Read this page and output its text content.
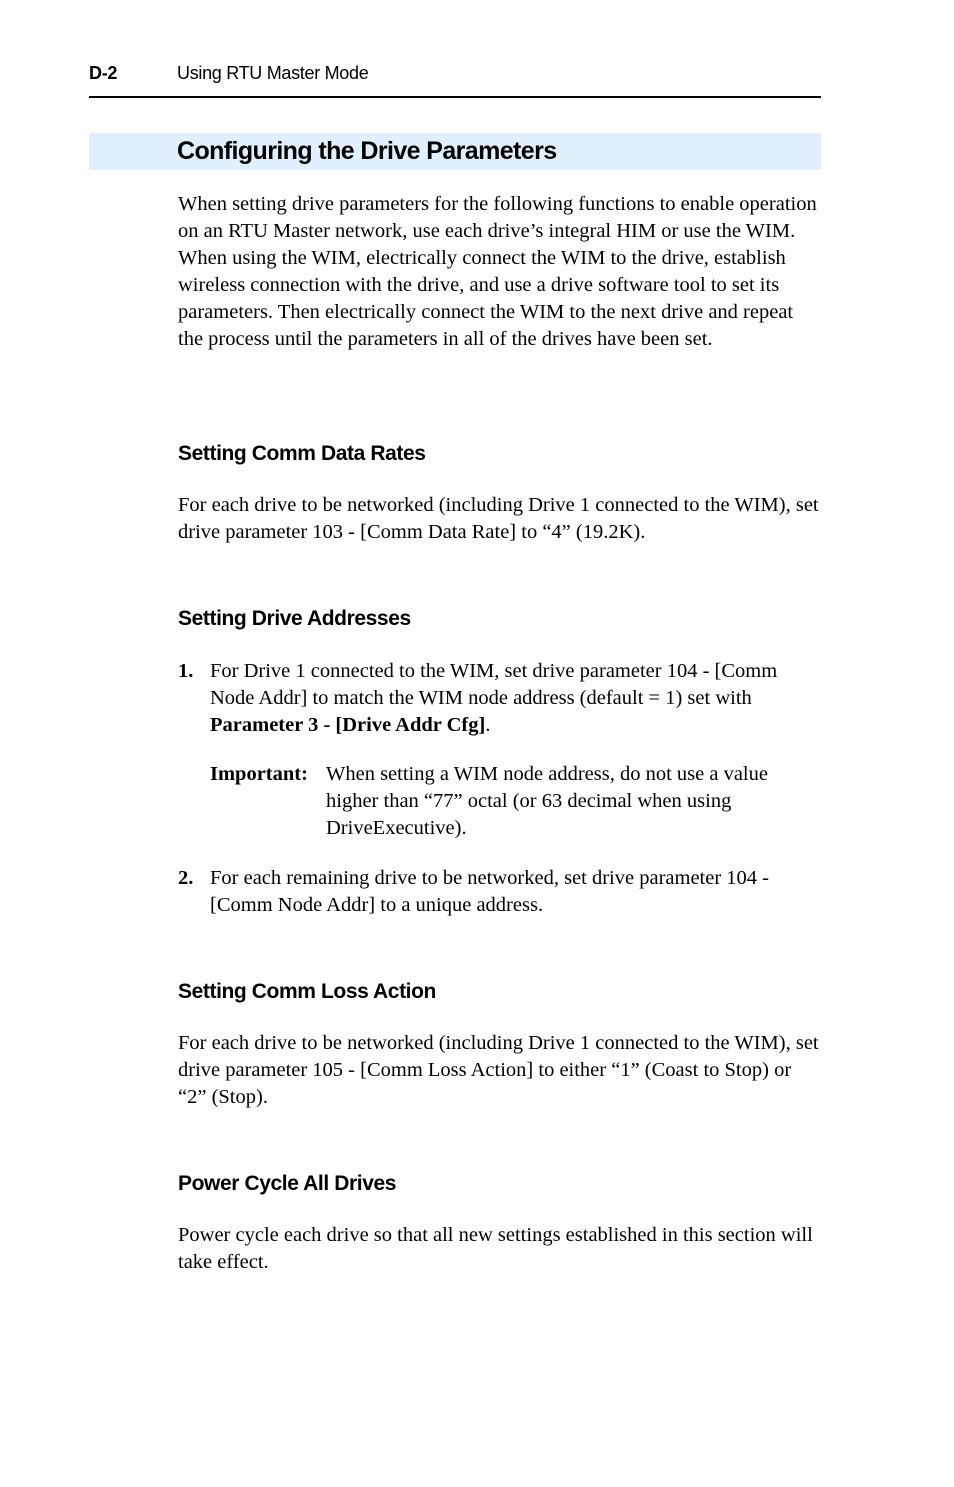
D-2	Using RTU Master Mode
Configuring the Drive Parameters

When setting drive parameters for the following functions to enable operation on an RTU Master network, use each drive’s integral HIM or use the WIM. When using the WIM, electrically connect the WIM to the drive, establish wireless connection with the drive, and use a drive software tool to set its parameters. Then electrically connect the WIM to the next drive and repeat the process until the parameters in all of the drives have been set.

Setting Comm Data Rates

For each drive to be networked (including Drive 1 connected to the WIM), set drive parameter 103 - [Comm Data Rate] to “4” (19.2K).

Setting Drive Addresses
1. For Drive 1 connected to the WIM, set drive parameter 104 - [Comm Node Addr] to match the WIM node address (default = 1) set with Parameter 3 - [Drive Addr Cfg].
Important: When setting a WIM node address, do not use a value higher than “77” octal (or 63 decimal when using DriveExecutive).
2. For each remaining drive to be networked, set drive parameter 104 - [Comm Node Addr] to a unique address.
Setting Comm Loss Action

For each drive to be networked (including Drive 1 connected to the WIM), set drive parameter 105 - [Comm Loss Action] to either “1” (Coast to Stop) or “2” (Stop).

Power Cycle All Drives

Power cycle each drive so that all new settings established in this section will take effect.
